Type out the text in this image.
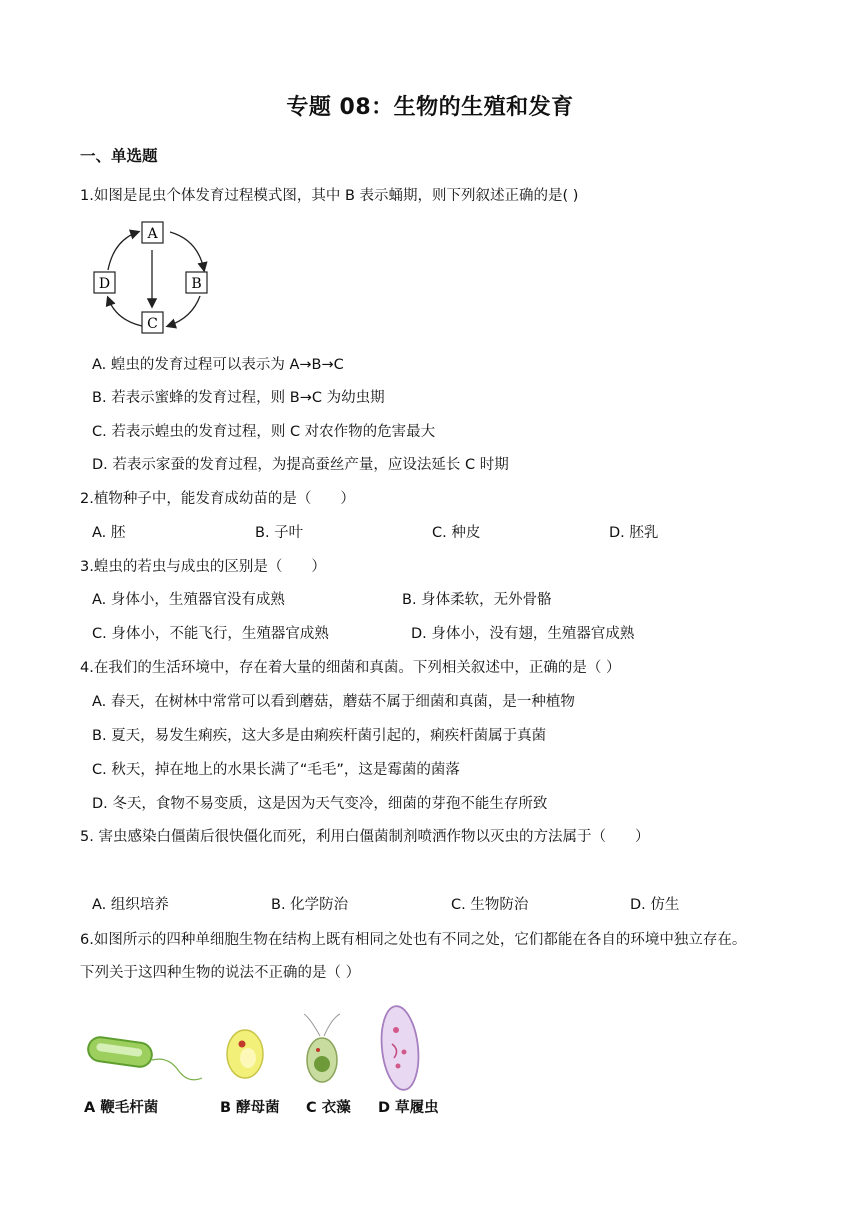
专题 08：生物的生殖和发育
一、单选题
1.如图是昆虫个体发育过程模式图，其中 B 表示蛹期，则下列叙述正确的是( )
A
B
C
D
A. 蝗虫的发育过程可以表示为 A→B→C
B. 若表示蜜蜂的发育过程，则 B→C 为幼虫期
C. 若表示蝗虫的发育过程，则 C 对农作物的危害最大
D. 若表示家蚕的发育过程，为提高蚕丝产量，应设法延长 C 时期
2.植物种子中，能发育成幼苗的是（　　）
A. 胚	B. 子叶	C. 种皮	D. 胚乳
3.蝗虫的若虫与成虫的区别是（　　）
A. 身体小，生殖器官没有成熟	B. 身体柔软，无外骨骼
C. 身体小，不能飞行，生殖器官成熟	D. 身体小，没有翅，生殖器官成熟
4.在我们的生活环境中，存在着大量的细菌和真菌。下列相关叙述中，正确的是（ ）
A. 春天，在树林中常常可以看到蘑菇，蘑菇不属于细菌和真菌，是一种植物
B. 夏天，易发生痢疾，这大多是由痢疾杆菌引起的，痢疾杆菌属于真菌
C. 秋天，掉在地上的水果长满了“毛毛”，这是霉菌的菌落
D. 冬天，食物不易变质，这是因为天气变冷，细菌的芽孢不能生存所致
5. 害虫感染白僵菌后很快僵化而死，利用白僵菌制剂喷洒作物以灭虫的方法属于（　　）
A. 组织培养	B. 化学防治	C. 生物防治	D. 仿生
6.如图所示的四种单细胞生物在结构上既有相同之处也有不同之处，它们都能在各自的环境中独立存在。
下列关于这四种生物的说法不正确的是（ ）
A 鞭毛杆菌	B 酵母菌 C 衣藻 D 草履虫
